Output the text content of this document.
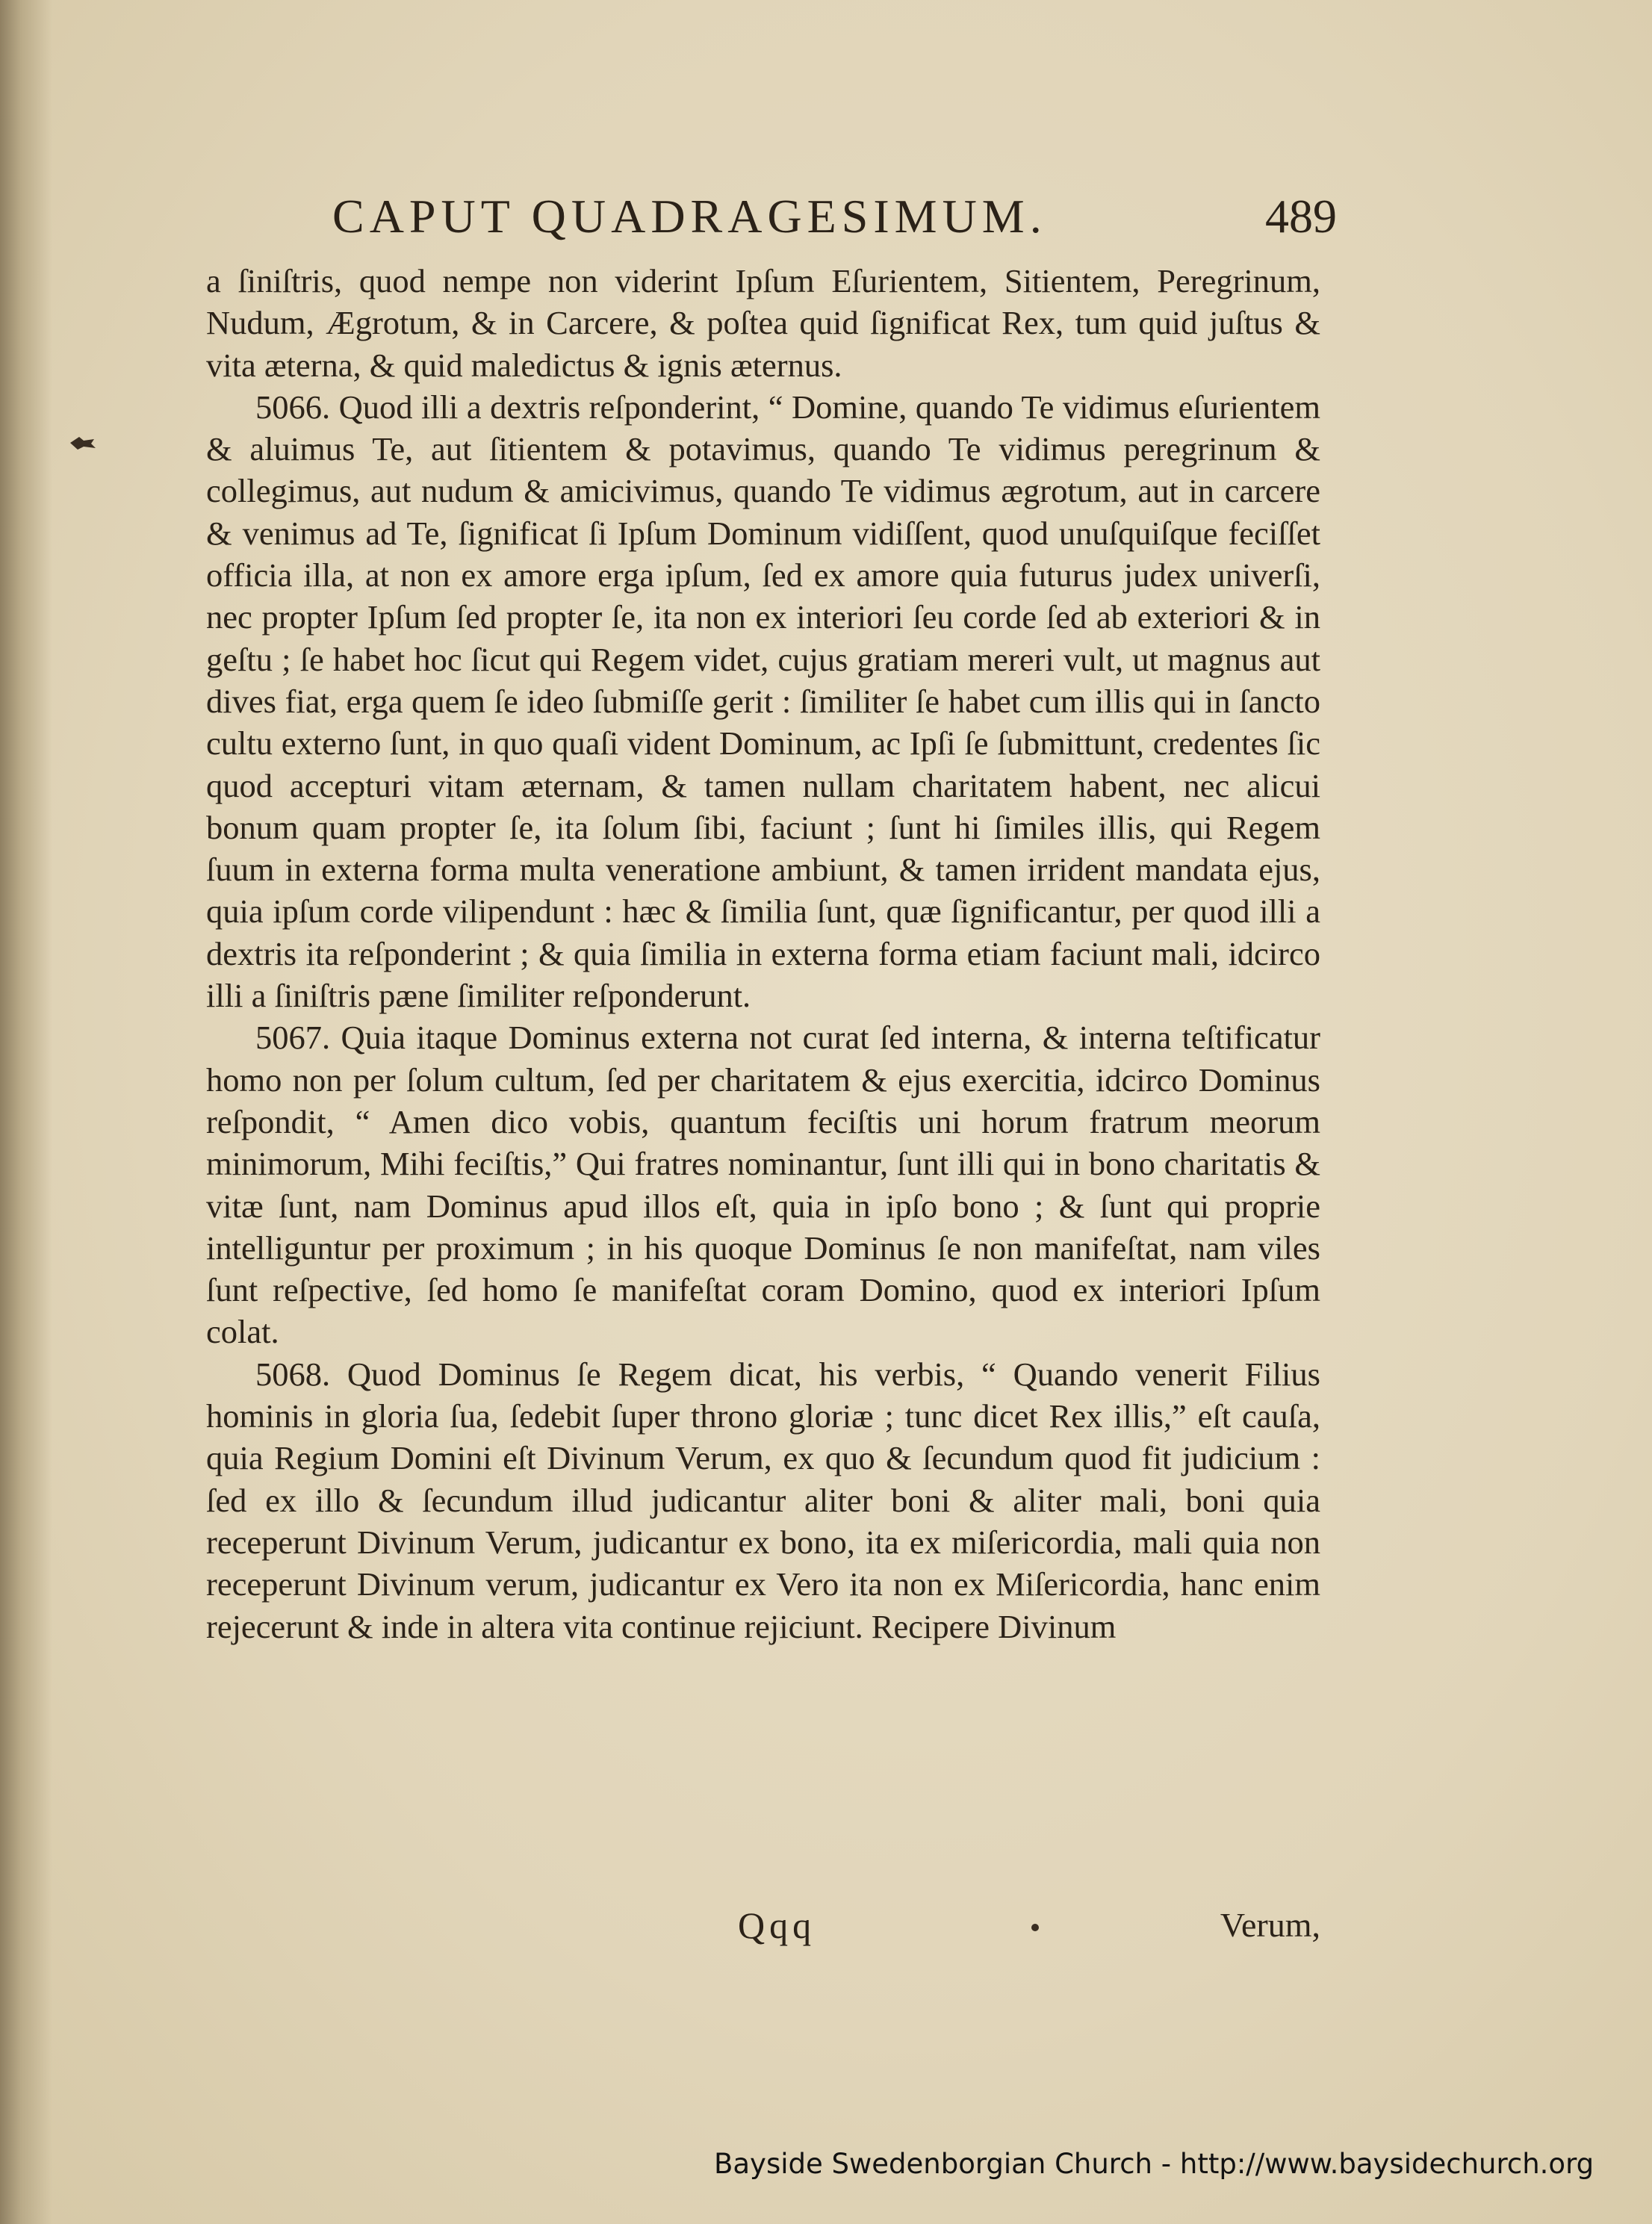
CAPUT QUADRAGESIMUM.	489

a ſiniſtris, quod nempe non viderint Ipſum Eſurientem, Sitientem, Peregrinum, Nudum, Ægrotum, & in Carcere, & poſtea quid ſignificat Rex, tum quid juſtus & vita æterna, & quid maledictus & ignis æternus.

5066. Quod illi a dextris reſponderint, “ Domine, quando Te vidimus eſurientem & aluimus Te, aut ſitientem & potavimus, quando Te vidimus peregrinum & collegimus, aut nudum & amicivimus, quando Te vidimus ægrotum, aut in carcere & venimus ad Te, ſignificat ſi Ipſum Dominum vidiſſent, quod unuſquiſque feciſſet officia illa, at non ex amore erga ipſum, ſed ex amore quia futurus judex univerſi, nec propter Ipſum ſed propter ſe, ita non ex interiori ſeu corde ſed ab exteriori & in geſtu ; ſe habet hoc ſicut qui Regem videt, cujus gratiam mereri vult, ut magnus aut dives fiat, erga quem ſe ideo ſubmiſſe gerit : ſimiliter ſe habet cum illis qui in ſancto cultu externo ſunt, in quo quaſi vident Dominum, ac Ipſi ſe ſubmittunt, credentes ſic quod accepturi vitam æternam, & tamen nullam charitatem habent, nec alicui bonum quam propter ſe, ita ſolum ſibi, faciunt ; ſunt hi ſimiles illis, qui Regem ſuum in externa forma multa veneratione ambiunt, & tamen irrident mandata ejus, quia ipſum corde vilipendunt : hæc & ſimilia ſunt, quæ ſignificantur, per quod illi a dextris ita reſponderint ; & quia ſimilia in externa forma etiam faciunt mali, idcirco illi a ſiniſtris pæne ſimiliter reſponderunt.

5067. Quia itaque Dominus externa not curat ſed interna, & interna teſtificatur homo non per ſolum cultum, ſed per charitatem & ejus exercitia, idcirco Dominus reſpondit, “ Amen dico vobis, quantum feciſtis uni horum fratrum meorum minimorum, Mihi feciſtis,” Qui fratres nominantur, ſunt illi qui in bono charitatis & vitæ ſunt, nam Dominus apud illos eſt, quia in ipſo bono ; & ſunt qui proprie intelliguntur per proximum ; in his quoque Dominus ſe non manifeſtat, nam viles ſunt reſpective, ſed homo ſe manifeſtat coram Domino, quod ex interiori Ipſum colat.

5068. Quod Dominus ſe Regem dicat, his verbis, “ Quando venerit Filius hominis in gloria ſua, ſedebit ſuper throno gloriæ ; tunc dicet Rex illis,” eſt cauſa, quia Regium Domini eſt Divinum Verum, ex quo & ſecundum quod fit judicium : ſed ex illo & ſecundum illud judicantur aliter boni & aliter mali, boni quia receperunt Divinum Verum, judicantur ex bono, ita ex miſericordia, mali quia non receperunt Divinum verum, judicantur ex Vero ita non ex Miſericordia, hanc enim rejecerunt & inde in altera vita continue rejiciunt. Recipere Divinum

Qqq	Verum,
Bayside Swedenborgian Church - http://www.baysidechurch.org
